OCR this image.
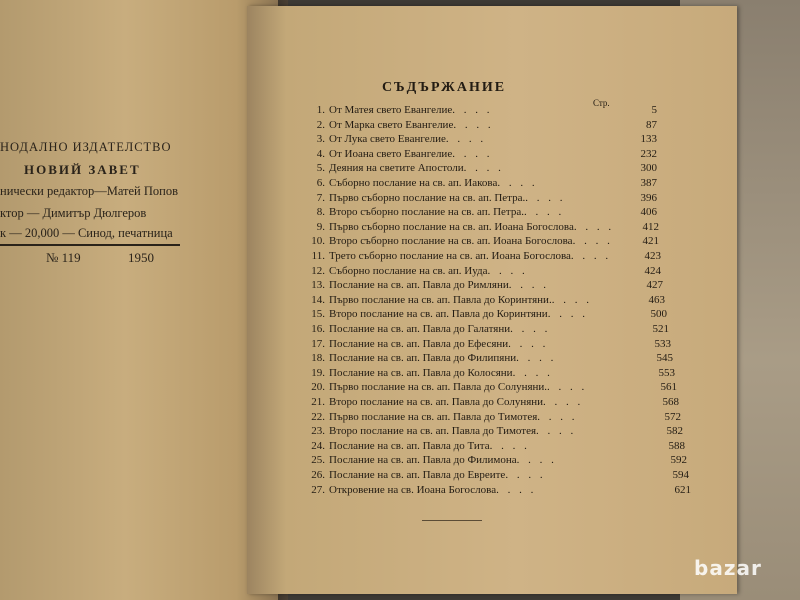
НОДАЛНО ИЗДАТЕЛСТВО
НОВИЙ ЗАВЕТ
нически редактор—Матей Попов
ктор — Димитър Дюлгеров
к — 20,000 — Синод, печатница
№ 119	1950
СЪДЪРЖАНИЕ
Стр.
1. От Матея свето Евангелие. . . .	5
2. От Марка свето Евангелие. . . .	87
3. От Лука свето Евангелие. . . .	133
4. От Иоана свето Евангелие. . . .	232
5. Деяния на светите Апостоли. . . .	300
6. Съборно послание на св. ап. Иакова. . . .	387
7. Първо съборно послание на св. ап. Петра.. . . .	396
8. Второ съборно послание на св. ап. Петра.. . . .	406
9. Първо съборно послание на св. ап. Иоана Богослова. . . .	412
10. Второ съборно послание на св. ап. Иоана Богослова. . . .	421
11. Трето съборно послание на св. ап. Иоана Богослова. . . .	423
12. Съборно послание на св. ап. Иуда. . . .	424
13. Послание на св. ап. Павла до Римляни. . . .	427
14. Първо послание на св. ап. Павла до Коринтяни.. . . .	463
15. Второ послание на св. ап. Павла до Коринтяни. . . .	500
16. Послание на св. ап. Павла до Галатяни. . . .	521
17. Послание на св. ап. Павла до Ефесяни. . . .	533
18. Послание на св. ап. Павла до Филипяни. . . .	545
19. Послание на св. ап. Павла до Колосяни. . . .	553
20. Първо послание на св. ап. Павла до Солуняни.. . . .	561
21. Второ послание на св. ап. Павла до Солуняни. . . .	568
22. Първо послание на св. ап. Павла до Тимотея. . . .	572
23. Второ послание на св. ап. Павла до Тимотея. . . .	582
24. Послание на св. ап. Павла до Тита. . . .	588
25. Послание на св. ап. Павла до Филимона. . . .	592
26. Послание на св. ап. Павла до Евреите. . . .	594
27. Откровение на св. Иоана Богослова. . . .	621
bazar
